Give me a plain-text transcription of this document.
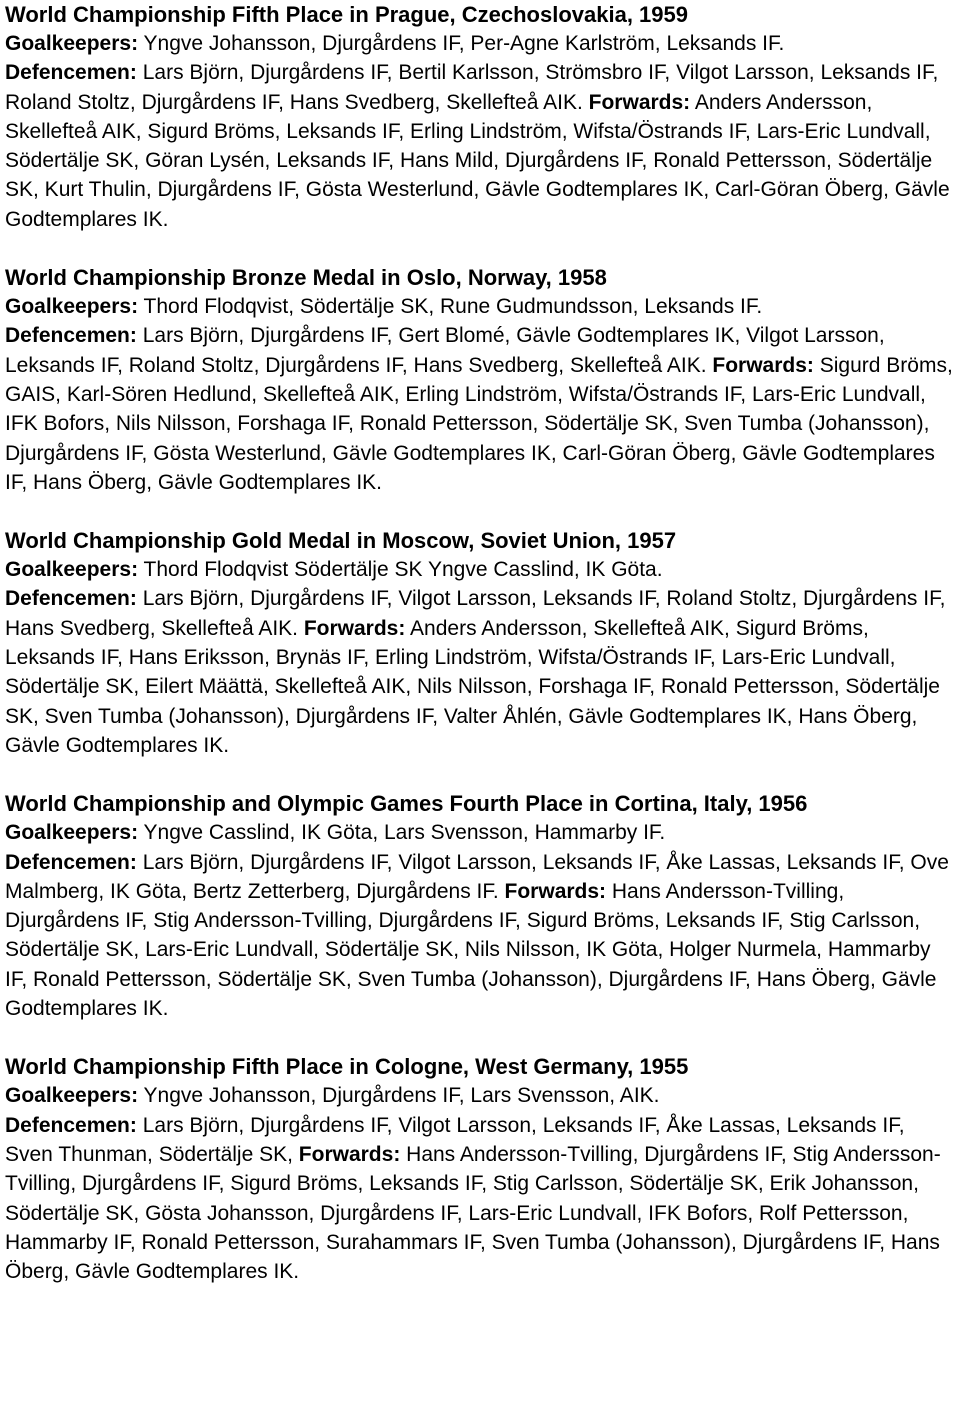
World Championship Fifth Place in Prague, Czechoslovakia, 1959

Goalkeepers: Yngve Johansson, Djurgårdens IF, Per-Agne Karlström, Leksands IF.
Defencemen: Lars Björn, Djurgårdens IF, Bertil Karlsson, Strömsbro IF, Vilgot Larsson, Leksands IF, Roland Stoltz, Djurgårdens IF, Hans Svedberg, Skellefteå AIK. Forwards: Anders Andersson, Skellefteå AIK, Sigurd Bröms, Leksands IF, Erling Lindström, Wifsta/Östrands IF, Lars-Eric Lundvall, Södertälje SK, Göran Lysén, Leksands IF, Hans Mild, Djurgårdens IF, Ronald Pettersson, Södertälje SK, Kurt Thulin, Djurgårdens IF, Gösta Westerlund, Gävle Godtemplares IK, Carl-Göran Öberg, Gävle Godtemplares IK.

World Championship Bronze Medal in Oslo, Norway, 1958

Goalkeepers: Thord Flodqvist, Södertälje SK, Rune Gudmundsson, Leksands IF.
Defencemen: Lars Björn, Djurgårdens IF, Gert Blomé, Gävle Godtemplares IK, Vilgot Larsson, Leksands IF, Roland Stoltz, Djurgårdens IF, Hans Svedberg, Skellefteå AIK. Forwards: Sigurd Bröms, GAIS, Karl-Sören Hedlund, Skellefteå AIK, Erling Lindström, Wifsta/Östrands IF, Lars-Eric Lundvall, IFK Bofors, Nils Nilsson, Forshaga IF, Ronald Pettersson, Södertälje SK, Sven Tumba (Johansson), Djurgårdens IF, Gösta Westerlund, Gävle Godtemplares IK, Carl-Göran Öberg, Gävle Godtemplares IF, Hans Öberg, Gävle Godtemplares IK.

World Championship Gold Medal in Moscow, Soviet Union, 1957

Goalkeepers: Thord Flodqvist Södertälje SK Yngve Casslind, IK Göta.
Defencemen: Lars Björn, Djurgårdens IF, Vilgot Larsson, Leksands IF, Roland Stoltz, Djurgårdens IF, Hans Svedberg, Skellefteå AIK. Forwards: Anders Andersson, Skellefteå AIK, Sigurd Bröms, Leksands IF, Hans Eriksson, Brynäs IF, Erling Lindström, Wifsta/Östrands IF, Lars-Eric Lundvall, Södertälje SK, Eilert Määttä, Skellefteå AIK, Nils Nilsson, Forshaga IF, Ronald Pettersson, Södertälje SK, Sven Tumba (Johansson), Djurgårdens IF, Valter Åhlén, Gävle Godtemplares IK, Hans Öberg, Gävle Godtemplares IK.

World Championship and Olympic Games Fourth Place in Cortina, Italy, 1956

Goalkeepers: Yngve Casslind, IK Göta, Lars Svensson, Hammarby IF.
Defencemen: Lars Björn, Djurgårdens IF, Vilgot Larsson, Leksands IF, Åke Lassas, Leksands IF, Ove Malmberg, IK Göta, Bertz Zetterberg, Djurgårdens IF. Forwards: Hans Andersson-Tvilling, Djurgårdens IF, Stig Andersson-Tvilling, Djurgårdens IF, Sigurd Bröms, Leksands IF, Stig Carlsson, Södertälje SK, Lars-Eric Lundvall, Södertälje SK, Nils Nilsson, IK Göta, Holger Nurmela, Hammarby IF, Ronald Pettersson, Södertälje SK, Sven Tumba (Johansson), Djurgårdens IF, Hans Öberg, Gävle Godtemplares IK.

World Championship Fifth Place in Cologne, West Germany, 1955

Goalkeepers: Yngve Johansson, Djurgårdens IF, Lars Svensson, AIK.
Defencemen: Lars Björn, Djurgårdens IF, Vilgot Larsson, Leksands IF, Åke Lassas, Leksands IF, Sven Thunman, Södertälje SK, Forwards: Hans Andersson-Tvilling, Djurgårdens IF, Stig Andersson-Tvilling, Djurgårdens IF, Sigurd Bröms, Leksands IF, Stig Carlsson, Södertälje SK, Erik Johansson, Södertälje SK, Gösta Johansson, Djurgårdens IF, Lars-Eric Lundvall, IFK Bofors, Rolf Pettersson, Hammarby IF, Ronald Pettersson, Surahammars IF, Sven Tumba (Johansson), Djurgårdens IF, Hans Öberg, Gävle Godtemplares IK.
